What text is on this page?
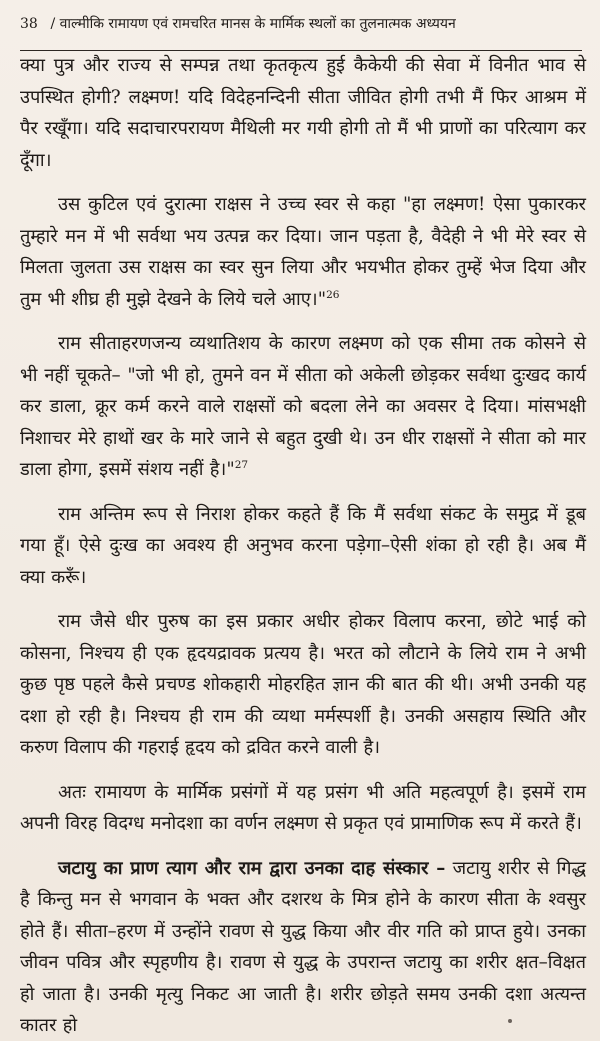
38 / वाल्मीकि रामायण एवं रामचरित मानस के मार्मिक स्थलों का तुलनात्मक अध्ययन

क्या पुत्र और राज्य से सम्पन्न तथा कृतकृत्य हुई कैकेयी की सेवा में विनीत भाव से उपस्थित होगी? लक्ष्मण! यदि विदेहनन्दिनी सीता जीवित होगी तभी मैं फिर आश्रम में पैर रखूँगा। यदि सदाचारपरायण मैथिली मर गयी होगी तो मैं भी प्राणों का परित्याग कर दूँगा।

उस कुटिल एवं दुरात्मा राक्षस ने उच्च स्वर से कहा "हा लक्ष्मण! ऐसा पुकारकर तुम्हारे मन में भी सर्वथा भय उत्पन्न कर दिया। जान पड़ता है, वैदेही ने भी मेरे स्वर से मिलता जुलता उस राक्षस का स्वर सुन लिया और भयभीत होकर तुम्हें भेज दिया और तुम भी शीघ्र ही मुझे देखने के लिये चले आए।"$^{26}$

राम सीताहरणजन्य व्यथातिशय के कारण लक्ष्मण को एक सीमा तक कोसने से भी नहीं चूकते– "जो भी हो, तुमने वन में सीता को अकेली छोड़कर सर्वथा दुःखद कार्य कर डाला, क्रूर कर्म करने वाले राक्षसों को बदला लेने का अवसर दे दिया। मांसभक्षी निशाचर मेरे हाथों खर के मारे जाने से बहुत दुखी थे। उन धीर राक्षसों ने सीता को मार डाला होगा, इसमें संशय नहीं है।"$^{27}$

राम अन्तिम रूप से निराश होकर कहते हैं कि मैं सर्वथा संकट के समुद्र में डूब गया हूँ। ऐसे दुःख का अवश्य ही अनुभव करना पड़ेगा–ऐसी शंका हो रही है। अब मैं क्या करूँ।

राम जैसे धीर पुरुष का इस प्रकार अधीर होकर विलाप करना, छोटे भाई को कोसना, निश्चय ही एक हृदयद्रावक प्रत्यय है। भरत को लौटाने के लिये राम ने अभी कुछ पृष्ठ पहले कैसे प्रचण्ड शोकहारी मोहरहित ज्ञान की बात की थी। अभी उनकी यह दशा हो रही है। निश्चय ही राम की व्यथा मर्मस्पर्शी है। उनकी असहाय स्थिति और करुण विलाप की गहराई हृदय को द्रवित करने वाली है।

अतः रामायण के मार्मिक प्रसंगों में यह प्रसंग भी अति महत्वपूर्ण है। इसमें राम अपनी विरह विदग्ध मनोदशा का वर्णन लक्ष्मण से प्रकृत एवं प्रामाणिक रूप में करते हैं।

जटायु का प्राण त्याग और राम द्वारा उनका दाह संस्कार – जटायु शरीर से गिद्ध है किन्तु मन से भगवान के भक्त और दशरथ के मित्र होने के कारण सीता के श्वसुर होते हैं। सीता–हरण में उन्होंने रावण से युद्ध किया और वीर गति को प्राप्त हुये। उनका जीवन पवित्र और स्पृहणीय है। रावण से युद्ध के उपरान्त जटायु का शरीर क्षत–विक्षत हो जाता है। उनकी मृत्यु निकट आ जाती है। शरीर छोड़ते समय उनकी दशा अत्यन्त कातर हो
